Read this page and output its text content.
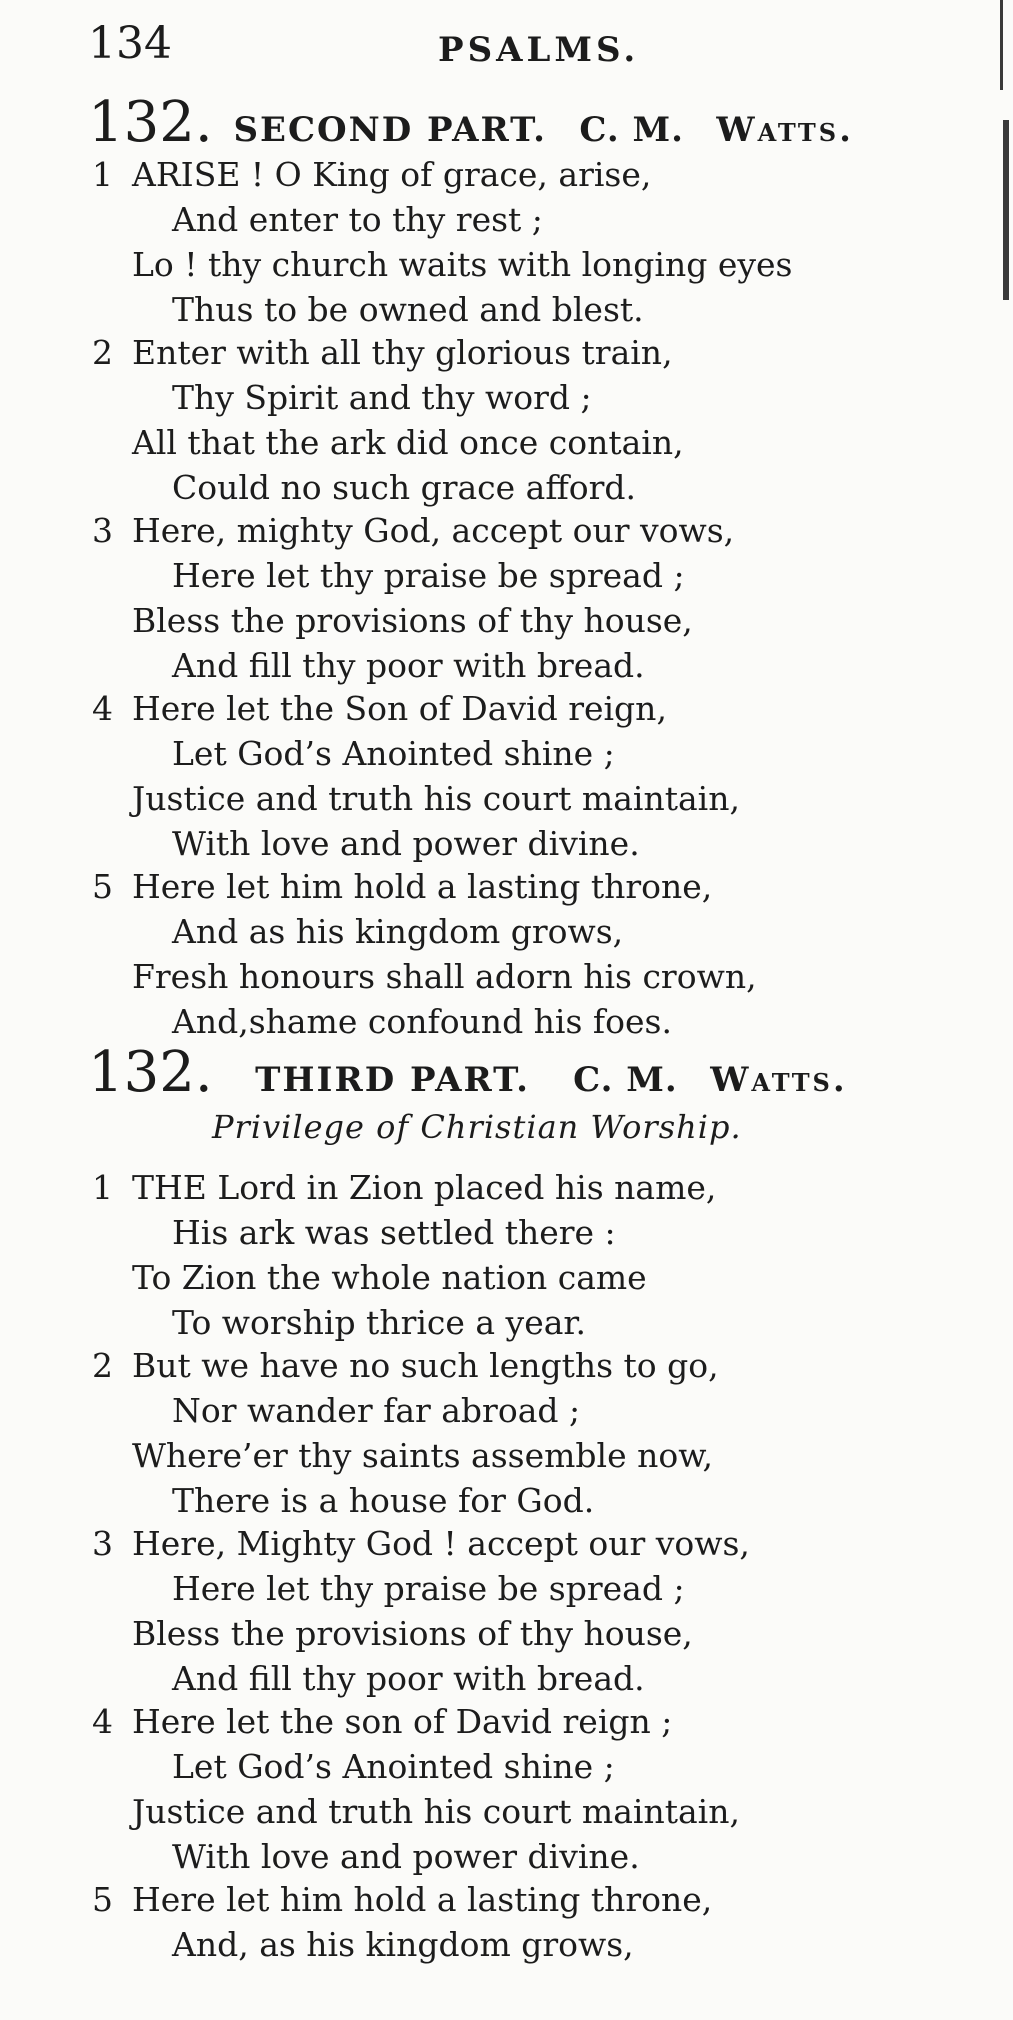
134	PSALMS.
132. SECOND PART. C. M. Watts.
1 ARISE ! O King of grace, arise,
And enter to thy rest ;
Lo ! thy church waits with longing eyes
Thus to be owned and blest.
2 Enter with all thy glorious train,
Thy Spirit and thy word ;
All that the ark did once contain,
Could no such grace afford.
3 Here, mighty God, accept our vows,
Here let thy praise be spread ;
Bless the provisions of thy house,
And fill thy poor with bread.
4 Here let the Son of David reign,
Let God’s Anointed shine ;
Justice and truth his court maintain,
With love and power divine.
5 Here let him hold a lasting throne,
And as his kingdom grows,
Fresh honours shall adorn his crown,
And,shame confound his foes.
132. THIRD PART. C. M. Watts.
Privilege of Christian Worship.
1 THE Lord in Zion placed his name,
His ark was settled there :
To Zion the whole nation came
To worship thrice a year.
2 But we have no such lengths to go,
Nor wander far abroad ;
Where’er thy saints assemble now,
There is a house for God.
3 Here, Mighty God ! accept our vows,
Here let thy praise be spread ;
Bless the provisions of thy house,
And fill thy poor with bread.
4 Here let the son of David reign ;
Let God’s Anointed shine ;
Justice and truth his court maintain,
With love and power divine.
5 Here let him hold a lasting throne,
And, as his kingdom grows,
